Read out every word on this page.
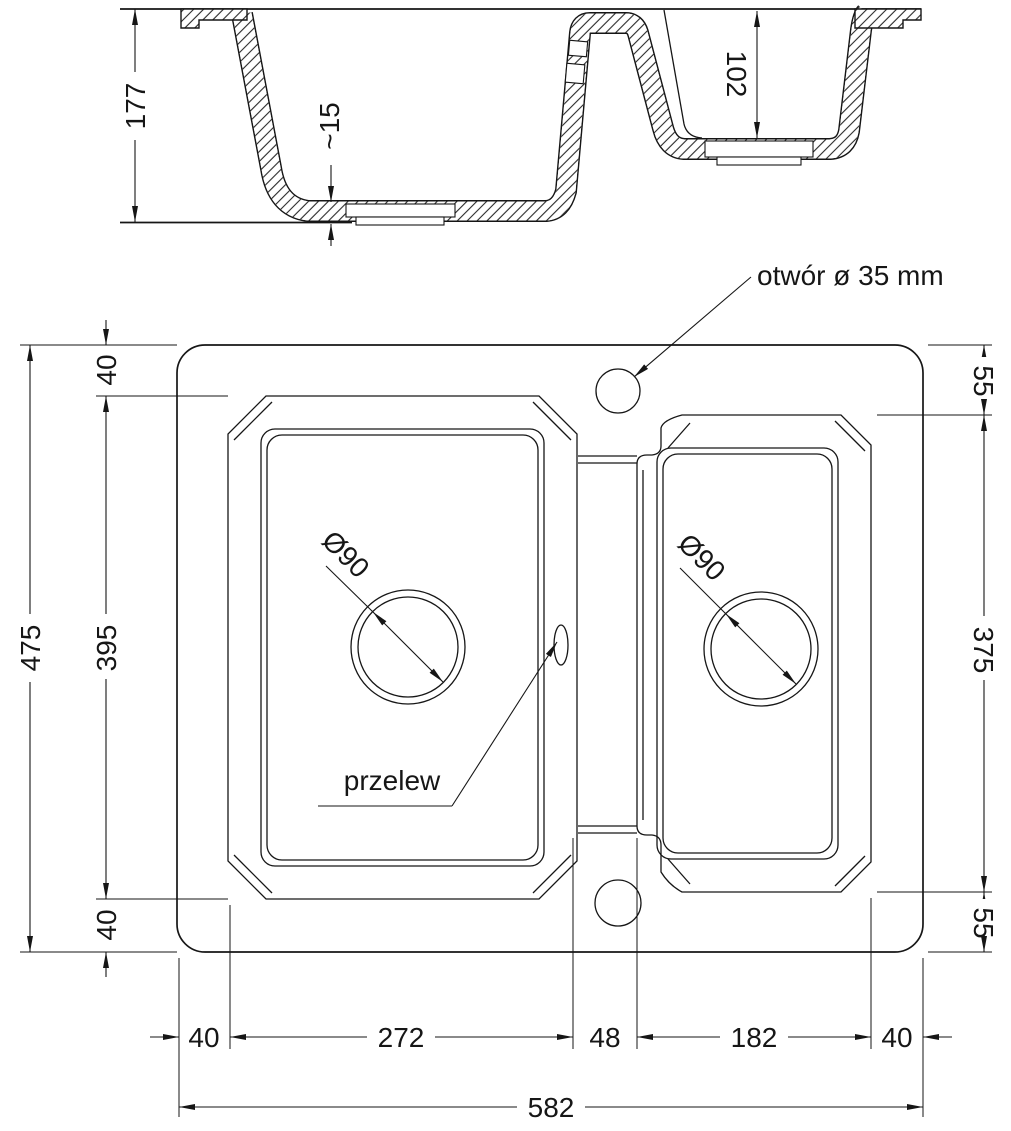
177	~15
102
Ø90	Ø90
przelew
otwór ø 35 mm
475
40
395
40
55
375
55
40	272	48	182	40
582
